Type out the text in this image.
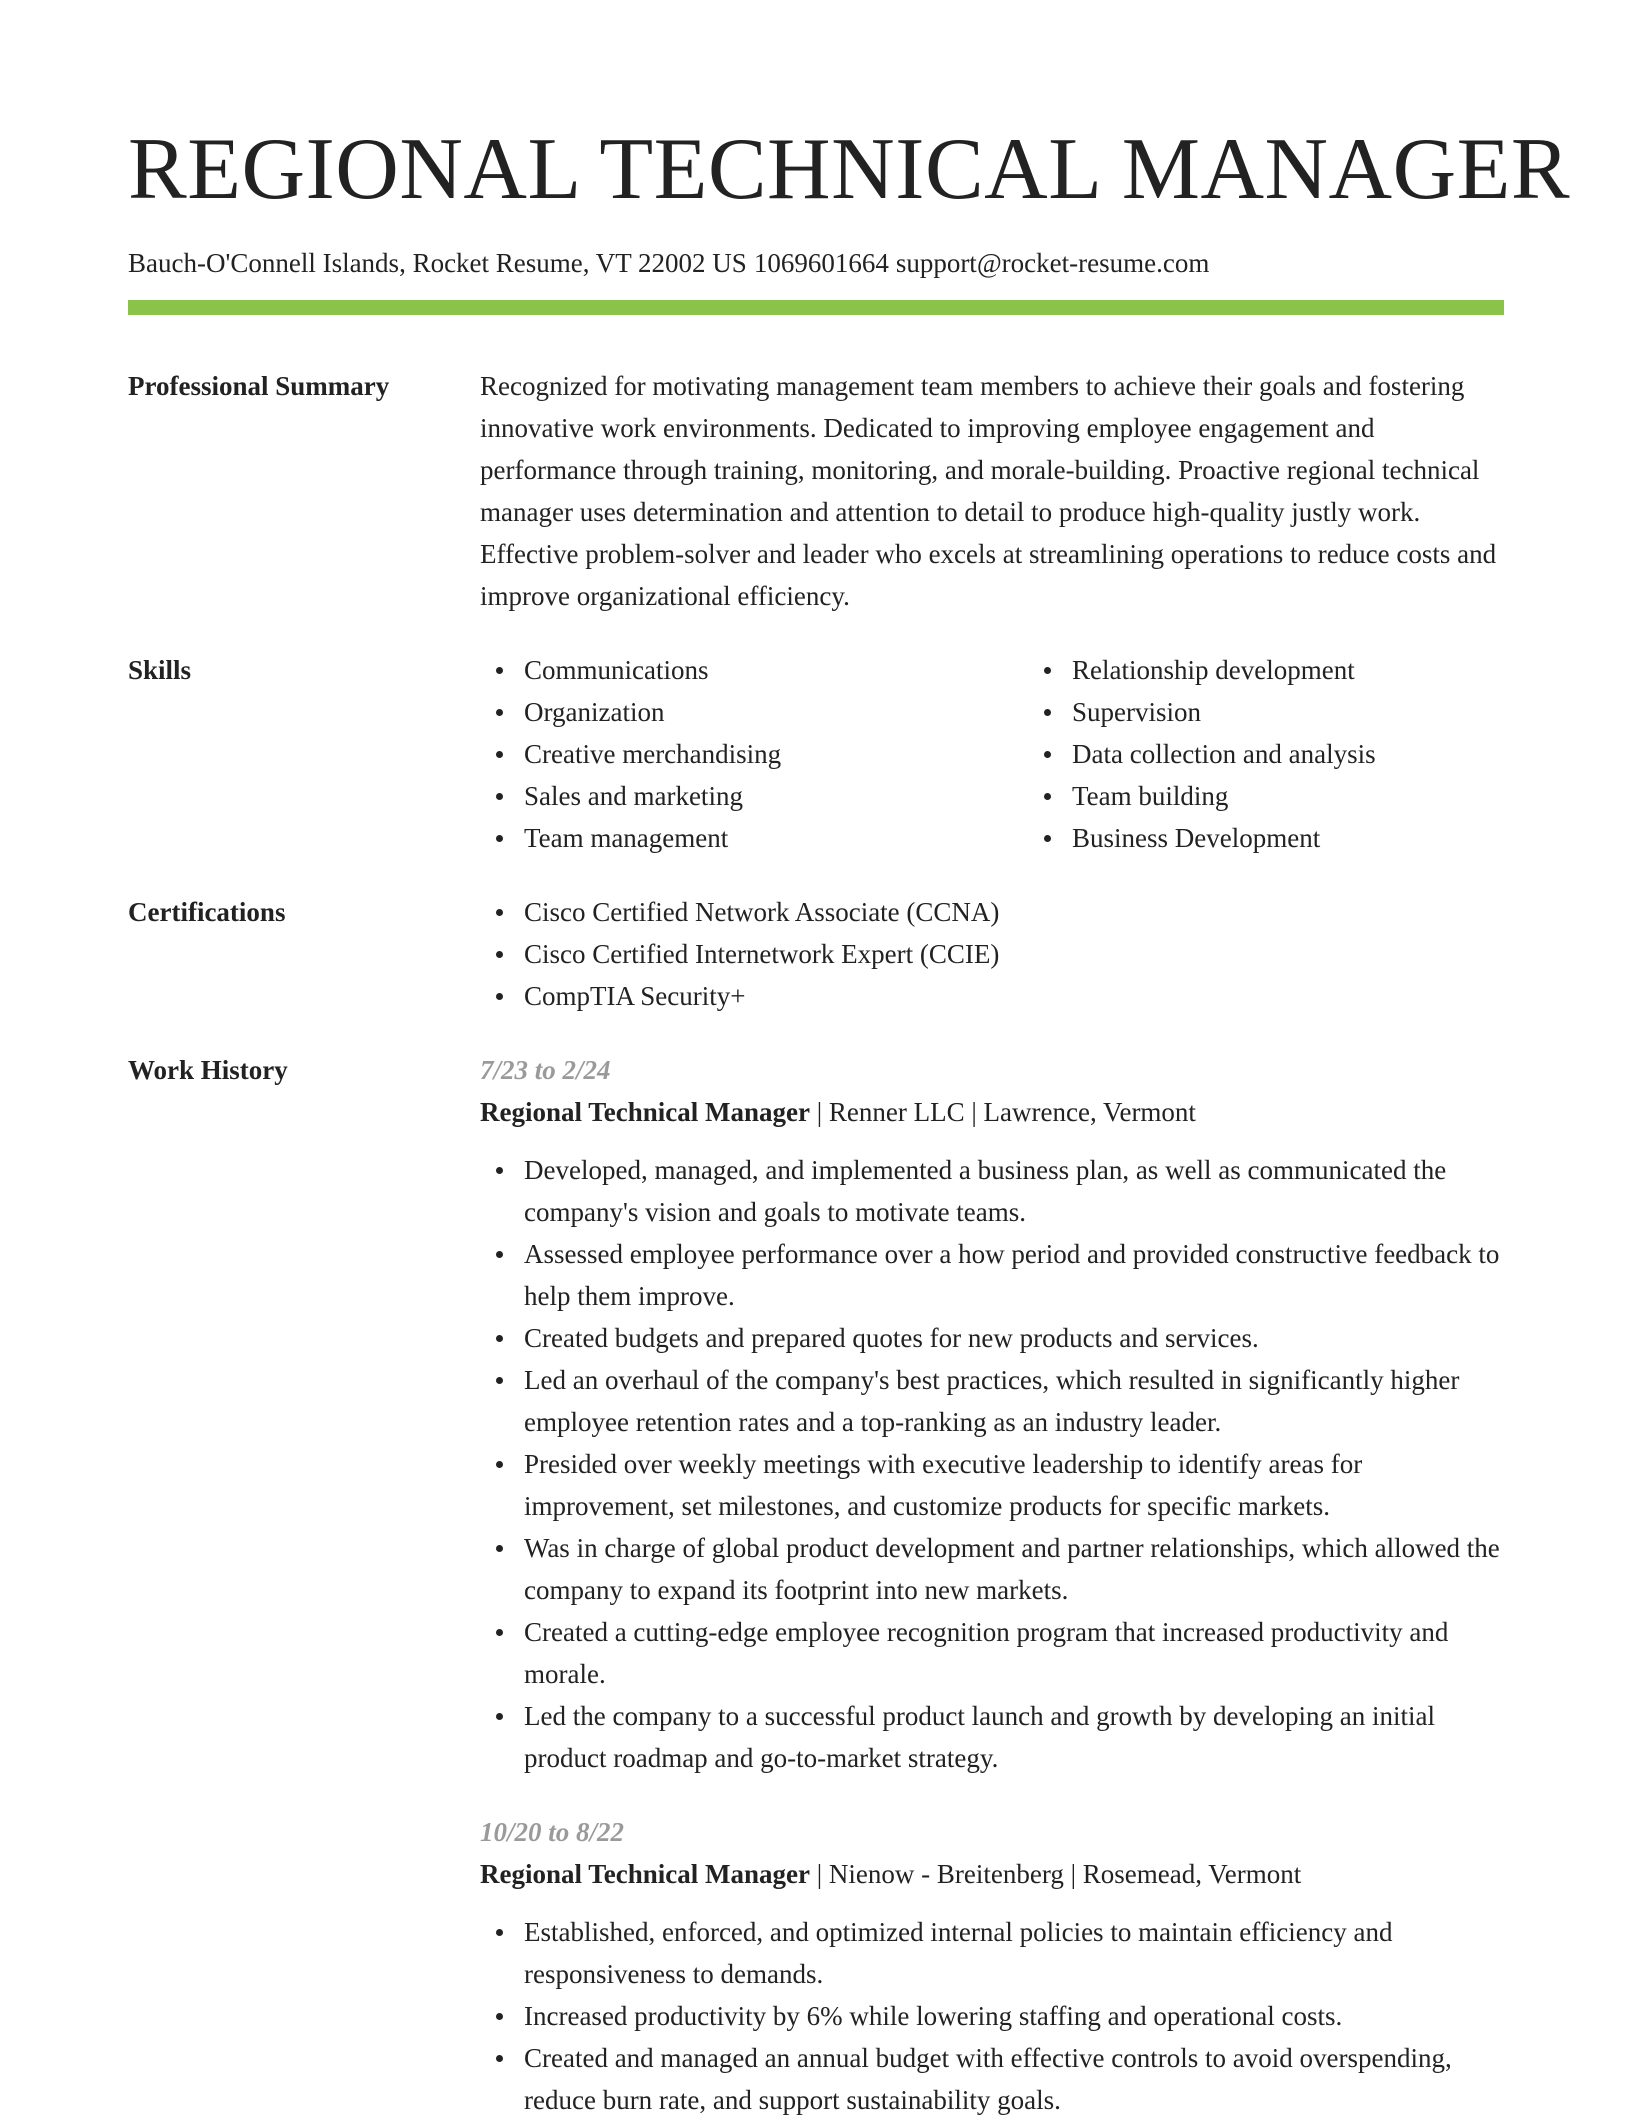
REGIONAL TECHNICAL MANAGER
Bauch-O'Connell Islands, Rocket Resume, VT 22002 US 1069601664 support@rocket-resume.com
Professional Summary	Recognized for motivating management team members to achieve their goals and fostering innovative work environments. Dedicated to improving employee engagement and performance through training, monitoring, and morale-building. Proactive regional technical manager uses determination and attention to detail to produce high-quality justly work. Effective problem-solver and leader who excels at streamlining operations to reduce costs and improve organizational efficiency.

Skills	Communications
Organization
Creative merchandising
Sales and marketing
Team management
Relationship development
Supervision
Data collection and analysis
Team building
Business Development
Certifications	Cisco Certified Network Associate (CCNA)
Cisco Certified Internetwork Expert (CCIE)
CompTIA Security+
Work History	7/23 to 2/24
Regional Technical Manager | Renner LLC | Lawrence, Vermont
Developed, managed, and implemented a business plan, as well as communicated the company's vision and goals to motivate teams.
Assessed employee performance over a how period and provided constructive feedback to help them improve.
Created budgets and prepared quotes for new products and services.
Led an overhaul of the company's best practices, which resulted in significantly higher employee retention rates and a top-ranking as an industry leader.
Presided over weekly meetings with executive leadership to identify areas for improvement, set milestones, and customize products for specific markets.
Was in charge of global product development and partner relationships, which allowed the company to expand its footprint into new markets.
Created a cutting-edge employee recognition program that increased productivity and morale.
Led the company to a successful product launch and growth by developing an initial product roadmap and go-to-market strategy.
10/20 to 8/22
Regional Technical Manager | Nienow - Breitenberg | Rosemead, Vermont
Established, enforced, and optimized internal policies to maintain efficiency and responsiveness to demands.
Increased productivity by 6% while lowering staffing and operational costs.
Created and managed an annual budget with effective controls to avoid overspending, reduce burn rate, and support sustainability goals.
